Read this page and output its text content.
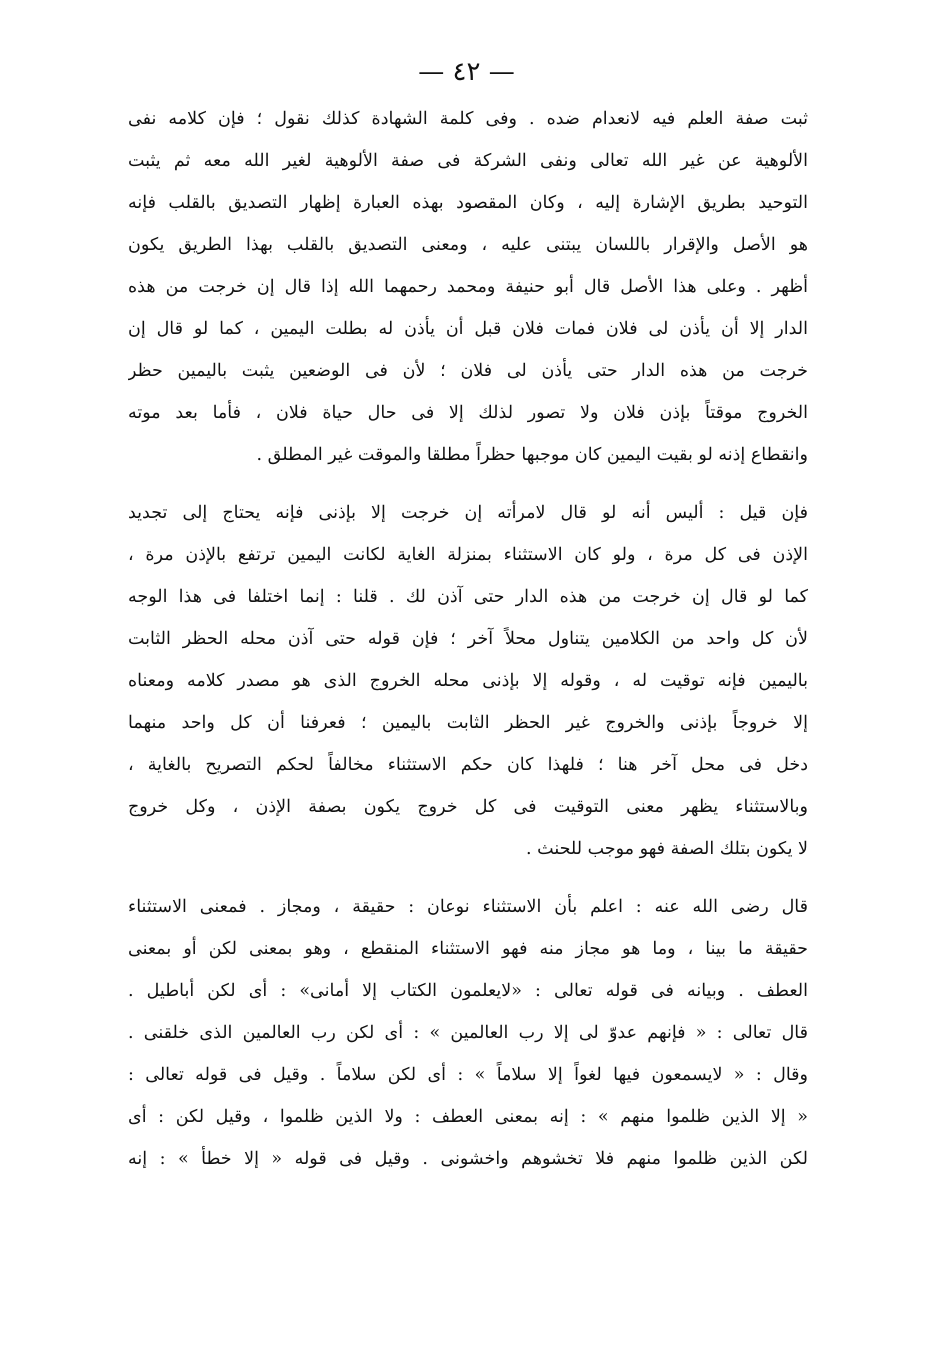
— ٤٢ —
ثبت صفة العلم فيه لانعدام ضده . وفى كلمة الشهادة كذلك نقول ؛ فإن كلامه نفى
الألوهية عن غير الله تعالى ونفى الشركة فى صفة الألوهية لغير الله معه ثم يثبت
التوحيد بطريق الإشارة إليه ، وكان المقصود بهذه العبارة إظهار التصديق بالقلب فإنه
هو الأصل والإقرار باللسان يبتنى عليه ، ومعنى التصديق بالقلب بهذا الطريق يكون
أظهر . وعلى هذا الأصل قال أبو حنيفة ومحمد رحمهما الله إذا قال إن خرجت من هذه
الدار إلا أن يأذن لى فلان فمات فلان قبل أن يأذن له بطلت اليمين ، كما لو قال إن
خرجت من هذه الدار حتى يأذن لى فلان ؛ لأن فى الوضعين يثبت باليمين حظر
الخروج موقتاً بإذن فلان ولا تصور لذلك إلا فى حال حياة فلان ، فأما بعد موته
وانقطاع إذنه لو بقيت اليمين كان موجبها حظراً مطلقا والموقت غير المطلق .
فإن قيل : أليس أنه لو قال لامرأته إن خرجت إلا بإذنى فإنه يحتاج إلى تجديد
الإذن فى كل مرة ، ولو كان الاستثناء بمنزلة الغاية لكانت اليمين ترتفع بالإذن مرة ،
كما لو قال إن خرجت من هذه الدار حتى آذن لك . قلنا : إنما اختلفا فى هذا الوجه
لأن كل واحد من الكلامين يتناول محلاً آخر ؛ فإن قوله حتى آذن محله الحظر الثابت
باليمين فإنه توقيت له ، وقوله إلا بإذنى محله الخروج الذى هو مصدر كلامه ومعناه
إلا خروجاً بإذنى والخروج غير الحظر الثابت باليمين ؛ فعرفنا أن كل واحد منهما
دخل فى محل آخر هنا ؛ فلهذا كان حكم الاستثناء مخالفاً لحكم التصريح بالغاية ،
وبالاستثناء يظهر معنى التوقيت فى كل خروج يكون بصفة الإذن ، وكل خروج
لا يكون بتلك الصفة فهو موجب للحنث .
قال رضى الله عنه : اعلم بأن الاستثناء نوعان : حقيقة ، ومجاز . فمعنى الاستثناء
حقيقة ما بينا ، وما هو مجاز منه فهو الاستثناء المنقطع ، وهو بمعنى لكن أو بمعنى
العطف . وبيانه فى قوله تعالى : «لايعلمون الكتاب إلا أمانى» : أى لكن أباطيل .
قال تعالى : « فإنهم عدوّ لى إلا رب العالمين » : أى لكن رب العالمين الذى خلقنى .
وقال : « لايسمعون فيها لغواً إلا سلاماً » : أى لكن سلاماً . وقيل فى قوله تعالى :
« إلا الذين ظلموا منهم » : إنه بمعنى العطف : ولا الذين ظلموا ، وقيل لكن : أى
لكن الذين ظلموا منهم فلا تخشوهم واخشونى . وقيل فى قوله « إلا خطأ » : إنه
